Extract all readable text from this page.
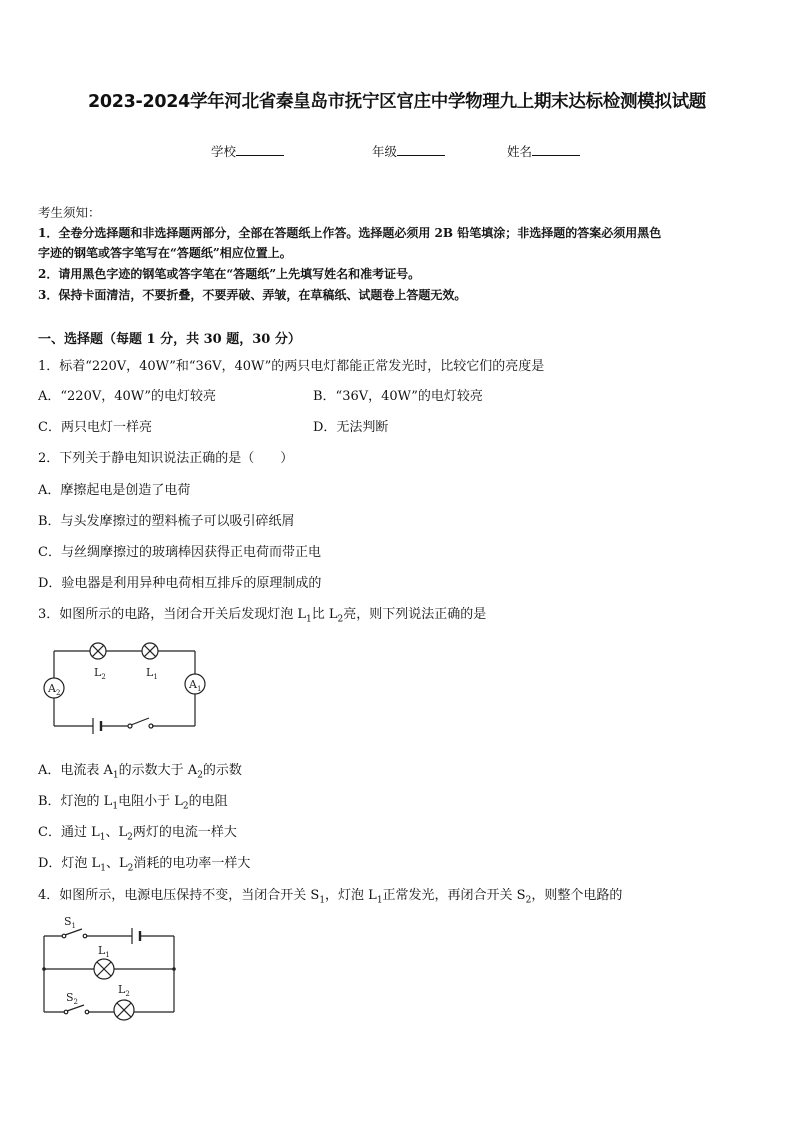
2023-2024学年河北省秦皇岛市抚宁区官庄中学物理九上期末达标检测模拟试题
学校	年级	姓名
考生须知：
1．全卷分选择题和非选择题两部分，全部在答题纸上作答。选择题必须用 2B 铅笔填涂；非选择题的答案必须用黑色
字迹的钢笔或答字笔写在“答题纸”相应位置上。
2．请用黑色字迹的钢笔或答字笔在“答题纸”上先填写姓名和准考证号。
3．保持卡面清洁，不要折叠，不要弄破、弄皱，在草稿纸、试题卷上答题无效。
一、选择题（每题 1 分，共 30 题，30 分）
1．标着“220V，40W”和“36V，40W”的两只电灯都能正常发光时，比较它们的亮度是
A．“220V，40W”的电灯较亮	B．“36V，40W”的电灯较亮
C．两只电灯一样亮	D．无法判断
2．下列关于静电知识说法正确的是（　　）
A．摩擦起电是创造了电荷
B．与头发摩擦过的塑料梳子可以吸引碎纸屑
C．与丝绸摩擦过的玻璃棒因获得正电荷而带正电
D．验电器是利用异种电荷相互排斥的原理制成的
3．如图所示的电路，当闭合开关后发现灯泡 $L_1$比 $L_2$亮，则下列说法正确的是
$L_2$	$L_1$
$A_2$
$A_1$
A．电流表 $A_1$的示数大于 $A_2$的示数
B．灯泡的 $L_1$电阻小于 $L_2$的电阻
C．通过 $L_1$、$L_2$两灯的电流一样大
D．灯泡 $L_1$、$L_2$消耗的电功率一样大
4．如图所示，电源电压保持不变，当闭合开关 $S_1$，灯泡 $L_1$正常发光，再闭合开关 $S_2$，则整个电路的
$S_1$
$L_1$
$S_2$
$L_2$
